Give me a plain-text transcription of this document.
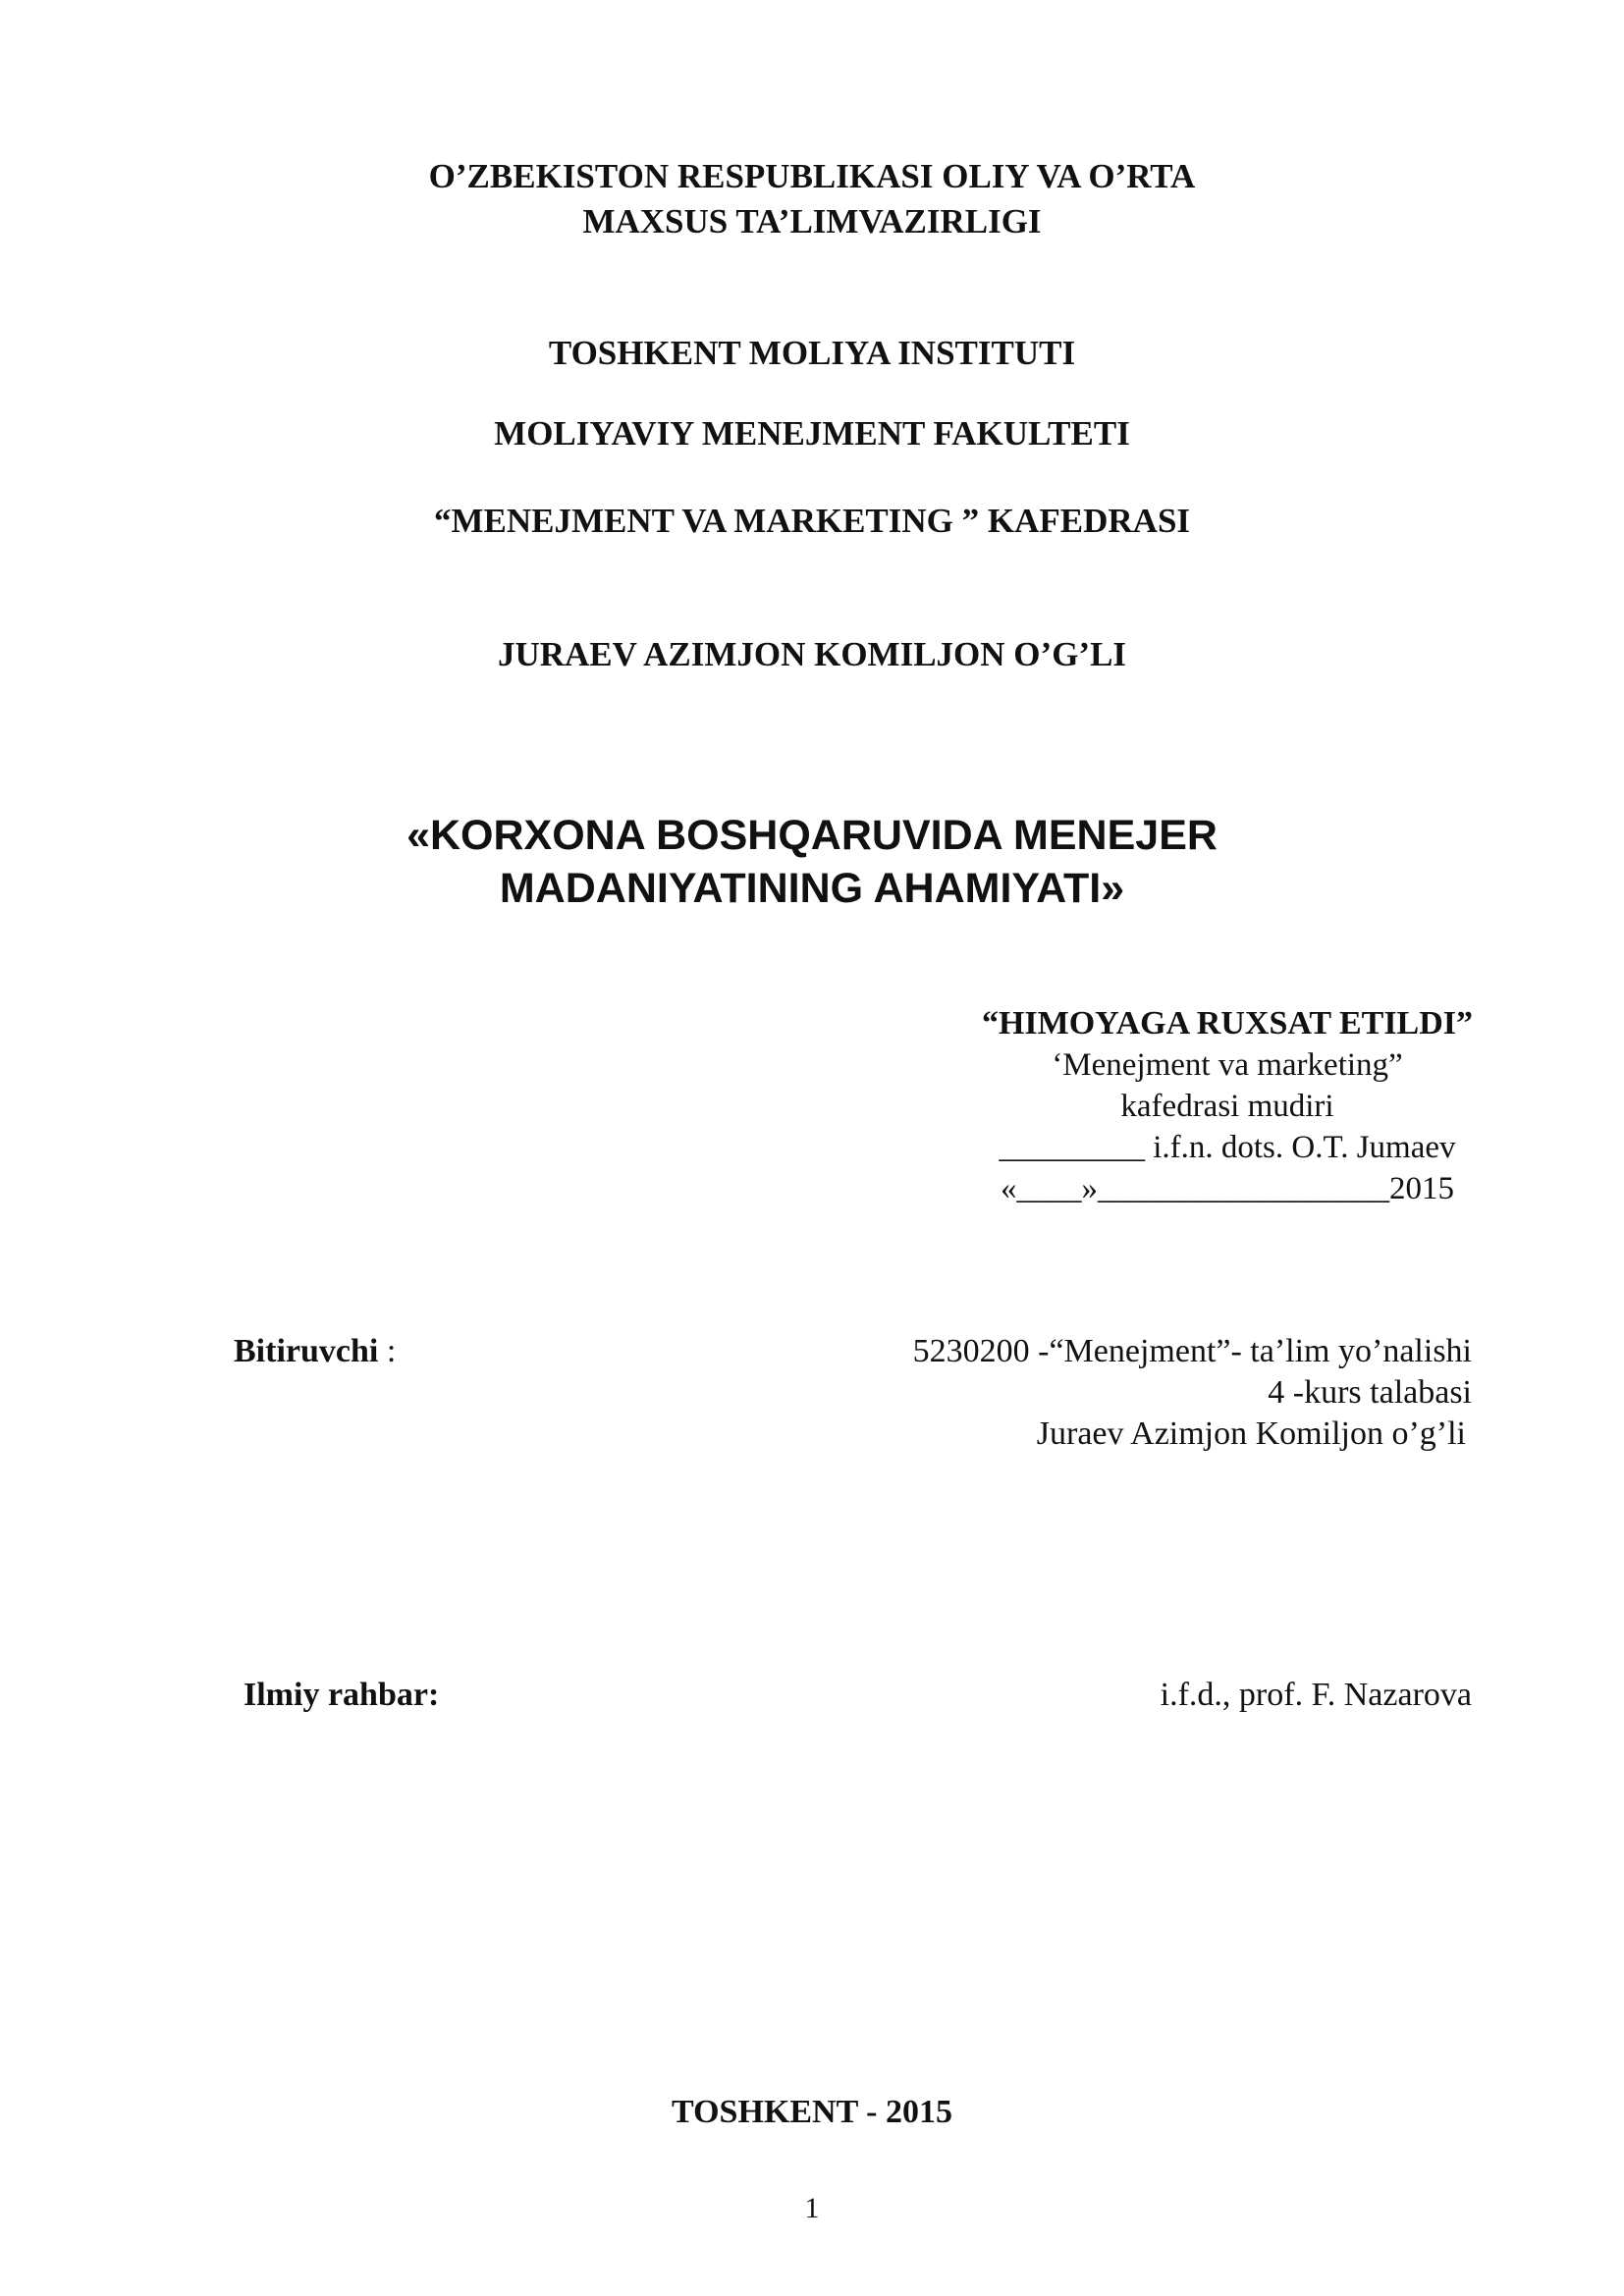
O’ZBEKISTON RESPUBLIKASI OLIY VA O’RTA

MAXSUS TA’LIMVAZIRLIGI

TOSHKENT MOLIYA INSTITUTI

MOLIYAVIY MENEJMENT FAKULTETI

“MENEJMENT VA MARKETING ” KAFEDRASI

JURAEV AZIMJON KOMILJON O’G’LI

«KORXONA BOSHQARUVIDA MENEJER

MADANIYATINING AHAMIYATI»

“HIMOYAGA RUXSAT ETILDI”
‘Menejment va marketing”
kafedrasi mudiri
_________ i.f.n. dots. O.T. Jumaev
«____»__________________2015
Bitiruvchi :	5230200 -“Menejment”- ta’lim yo’nalishi
4 -kurs talabasi
Juraev Azimjon Komiljon o’g’li
Ilmiy rahbar:	i.f.d., prof. F. Nazarova

TOSHKENT - 2015

1
